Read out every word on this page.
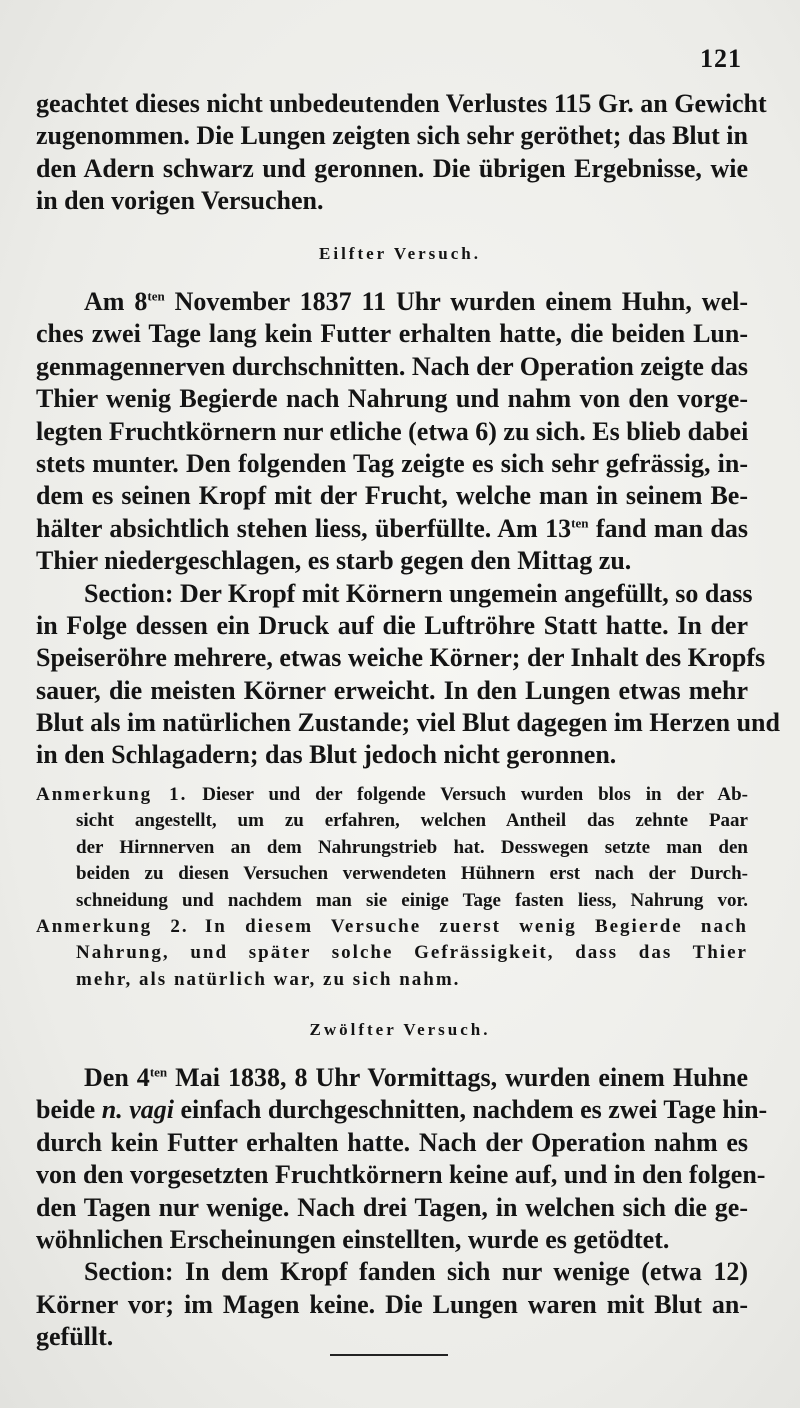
121
geachtet dieses nicht unbedeutenden Verlustes 115 Gr. an Gewicht
zugenommen. Die Lungen zeigten sich sehr geröthet; das Blut in
den Adern schwarz und geronnen. Die übrigen Ergebnisse, wie
in den vorigen Versuchen.
Eilfter Versuch.
Am $8^{ten}$ November 1837 11 Uhr wurden einem Huhn, wel-
ches zwei Tage lang kein Futter erhalten hatte, die beiden Lun-
genmagennerven durchschnitten. Nach der Operation zeigte das
Thier wenig Begierde nach Nahrung und nahm von den vorge-
legten Fruchtkörnern nur etliche (etwa 6) zu sich. Es blieb dabei
stets munter. Den folgenden Tag zeigte es sich sehr gefrässig, in-
dem es seinen Kropf mit der Frucht, welche man in seinem Be-
hälter absichtlich stehen liess, überfüllte. Am $13^{ten}$ fand man das
Thier niedergeschlagen, es starb gegen den Mittag zu.
Section: Der Kropf mit Körnern ungemein angefüllt, so dass
in Folge dessen ein Druck auf die Luftröhre Statt hatte. In der
Speiseröhre mehrere, etwas weiche Körner; der Inhalt des Kropfs
sauer, die meisten Körner erweicht. In den Lungen etwas mehr
Blut als im natürlichen Zustande; viel Blut dagegen im Herzen und
in den Schlagadern; das Blut jedoch nicht geronnen.
Anmerkung 1. Dieser und der folgende Versuch wurden blos in der Ab-
sicht angestellt, um zu erfahren, welchen Antheil das zehnte Paar
der Hirnnerven an dem Nahrungstrieb hat. Desswegen setzte man den
beiden zu diesen Versuchen verwendeten Hühnern erst nach der Durch-
schneidung und nachdem man sie einige Tage fasten liess, Nahrung vor.
Anmerkung 2. In diesem Versuche zuerst wenig Begierde nach
Nahrung, und später solche Gefrässigkeit, dass das Thier
mehr, als natürlich war, zu sich nahm.
Zwölfter Versuch.
Den $4^{ten}$ Mai 1838, 8 Uhr Vormittags, wurden einem Huhne
beide n. vagi einfach durchgeschnitten, nachdem es zwei Tage hin-
durch kein Futter erhalten hatte. Nach der Operation nahm es
von den vorgesetzten Fruchtkörnern keine auf, und in den folgen-
den Tagen nur wenige. Nach drei Tagen, in welchen sich die ge-
wöhnlichen Erscheinungen einstellten, wurde es getödtet.
Section: In dem Kropf fanden sich nur wenige (etwa 12)
Körner vor; im Magen keine. Die Lungen waren mit Blut an-
gefüllt.
